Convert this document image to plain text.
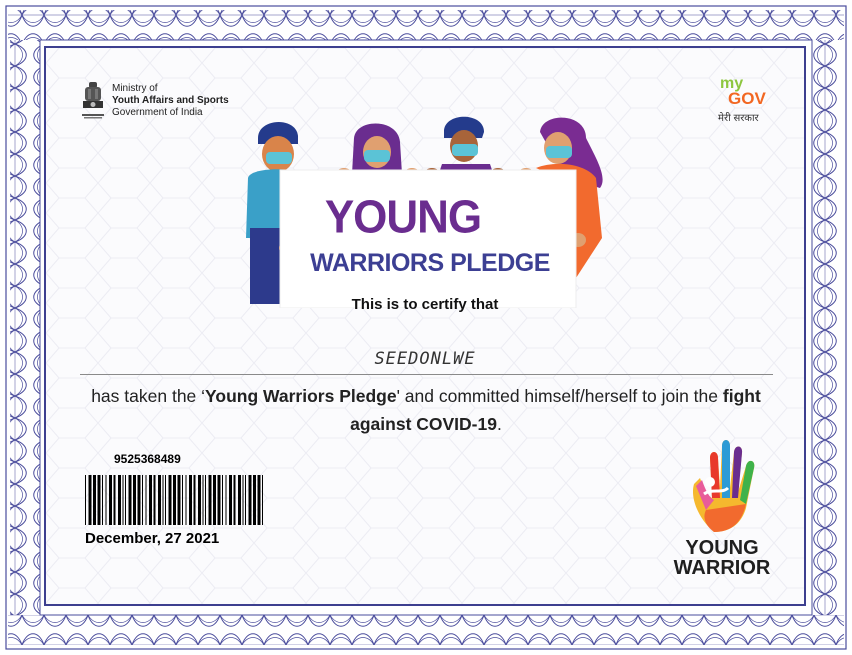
Ministry of
Youth Affairs and Sports
Government of India
my
GOV
मेरी सरकार
YOUNG
WARRIORS PLEDGE
This is to certify that
SEEDONLWE
has taken the ‘Young Warriors Pledge' and committed himself/herself to join the fight against COVID-19.
9525368489
December, 27 2021	YOUNG
WARRIOR
